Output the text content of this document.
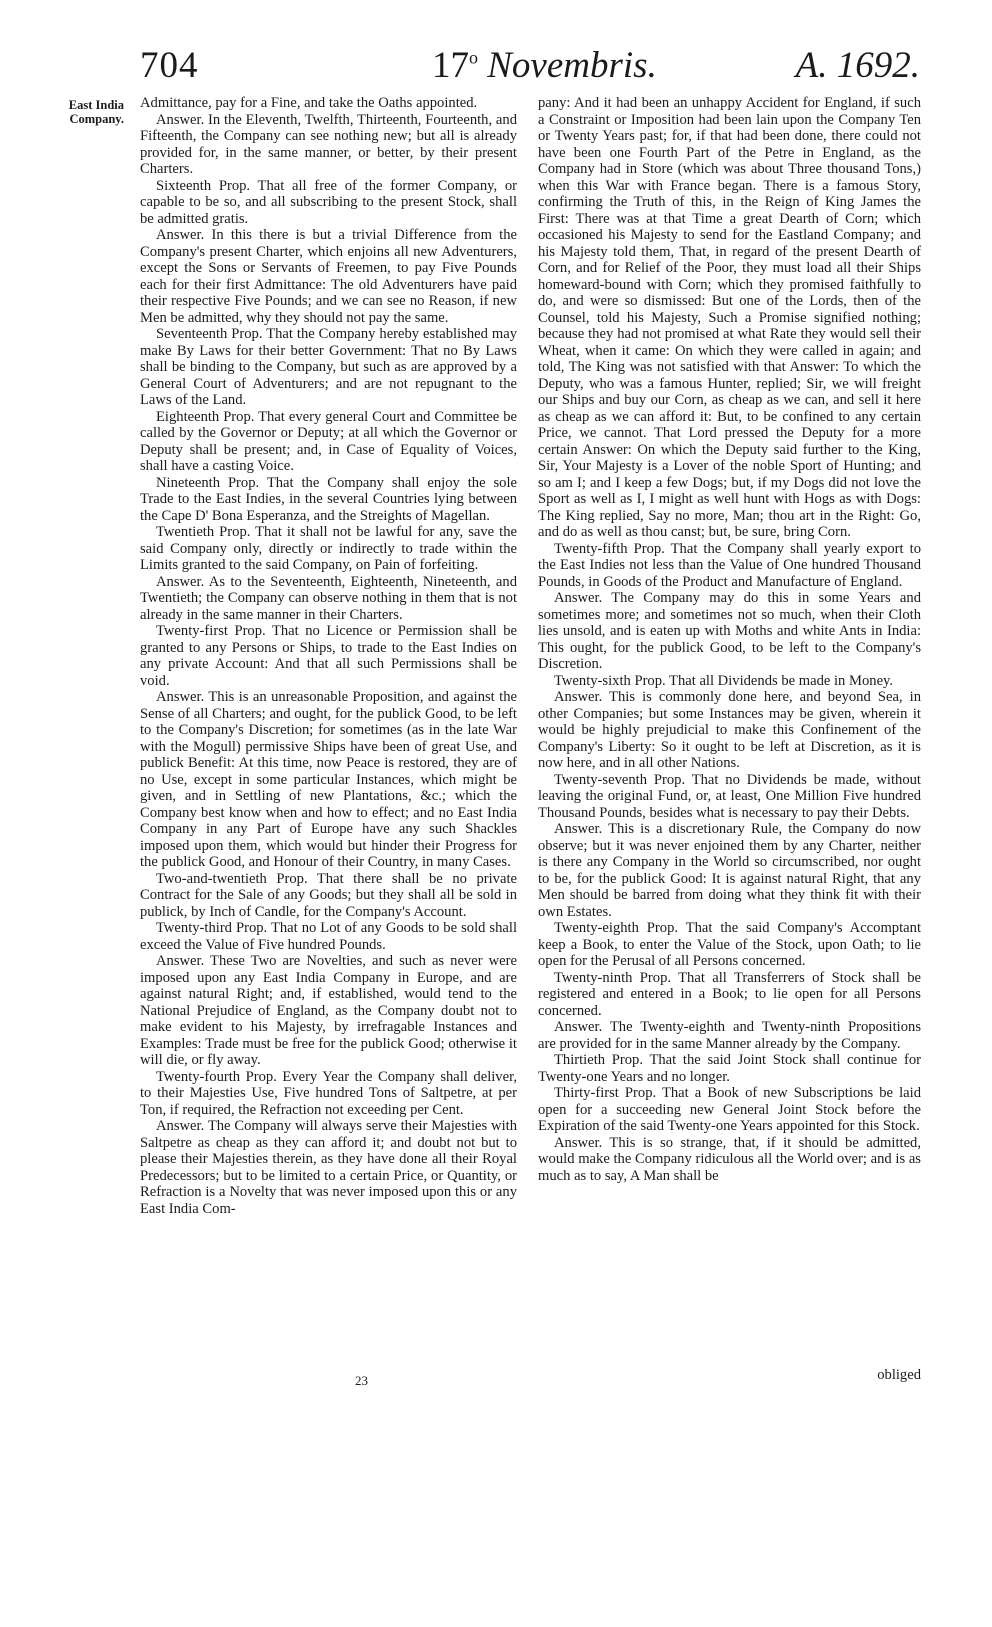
704	17$^o$ Novembris.	A. 1692.
East India
Company.

Admittance, pay for a Fine, and take the Oaths appointed.

Answer. In the Eleventh, Twelfth, Thirteenth, Fourteenth, and Fifteenth, the Company can see nothing new; but all is already provided for, in the same manner, or better, by their present Charters.

Sixteenth Prop. That all free of the former Company, or capable to be so, and all subscribing to the present Stock, shall be admitted gratis.

Answer. In this there is but a trivial Difference from the Company's present Charter, which enjoins all new Adventurers, except the Sons or Servants of Freemen, to pay Five Pounds each for their first Admittance: The old Adventurers have paid their respective Five Pounds; and we can see no Reason, if new Men be admitted, why they should not pay the same.

Seventeenth Prop. That the Company hereby established may make By Laws for their better Government: That no By Laws shall be binding to the Company, but such as are approved by a General Court of Adventurers; and are not repugnant to the Laws of the Land.

Eighteenth Prop. That every general Court and Committee be called by the Governor or Deputy; at all which the Governor or Deputy shall be present; and, in Case of Equality of Voices, shall have a casting Voice.

Nineteenth Prop. That the Company shall enjoy the sole Trade to the East Indies, in the several Countries lying between the Cape D' Bona Esperanza, and the Streights of Magellan.

Twentieth Prop. That it shall not be lawful for any, save the said Company only, directly or indirectly to trade within the Limits granted to the said Company, on Pain of forfeiting.

Answer. As to the Seventeenth, Eighteenth, Nineteenth, and Twentieth; the Company can observe nothing in them that is not already in the same manner in their Charters.

Twenty-first Prop. That no Licence or Permission shall be granted to any Persons or Ships, to trade to the East Indies on any private Account: And that all such Permissions shall be void.

Answer. This is an unreasonable Proposition, and against the Sense of all Charters; and ought, for the publick Good, to be left to the Company's Discretion; for sometimes (as in the late War with the Mogull) permissive Ships have been of great Use, and publick Benefit: At this time, now Peace is restored, they are of no Use, except in some particular Instances, which might be given, and in Settling of new Plantations, &c.; which the Company best know when and how to effect; and no East India Company in any Part of Europe have any such Shackles imposed upon them, which would but hinder their Progress for the publick Good, and Honour of their Country, in many Cases.

Two-and-twentieth Prop. That there shall be no private Contract for the Sale of any Goods; but they shall all be sold in publick, by Inch of Candle, for the Company's Account.

Twenty-third Prop. That no Lot of any Goods to be sold shall exceed the Value of Five hundred Pounds.

Answer. These Two are Novelties, and such as never were imposed upon any East India Company in Europe, and are against natural Right; and, if established, would tend to the National Prejudice of England, as the Company doubt not to make evident to his Majesty, by irrefragable Instances and Examples: Trade must be free for the publick Good; otherwise it will die, or fly away.

Twenty-fourth Prop. Every Year the Company shall deliver, to their Majesties Use, Five hundred Tons of Saltpetre, at per Ton, if required, the Refraction not exceeding per Cent.

Answer. The Company will always serve their Majesties with Saltpetre as cheap as they can afford it; and doubt not but to please their Majesties therein, as they have done all their Royal Predecessors; but to be limited to a certain Price, or Quantity, or Refraction is a Novelty that was never imposed upon this or any East India Com-

pany: And it had been an unhappy Accident for England, if such a Constraint or Imposition had been lain upon the Company Ten or Twenty Years past; for, if that had been done, there could not have been one Fourth Part of the Petre in England, as the Company had in Store (which was about Three thousand Tons,) when this War with France began. There is a famous Story, confirming the Truth of this, in the Reign of King James the First: There was at that Time a great Dearth of Corn; which occasioned his Majesty to send for the Eastland Company; and his Majesty told them, That, in regard of the present Dearth of Corn, and for Relief of the Poor, they must load all their Ships homeward-bound with Corn; which they promised faithfully to do, and were so dismissed: But one of the Lords, then of the Counsel, told his Majesty, Such a Promise signified nothing; because they had not promised at what Rate they would sell their Wheat, when it came: On which they were called in again; and told, The King was not satisfied with that Answer: To which the Deputy, who was a famous Hunter, replied; Sir, we will freight our Ships and buy our Corn, as cheap as we can, and sell it here as cheap as we can afford it: But, to be confined to any certain Price, we cannot. That Lord pressed the Deputy for a more certain Answer: On which the Deputy said further to the King, Sir, Your Majesty is a Lover of the noble Sport of Hunting; and so am I; and I keep a few Dogs; but, if my Dogs did not love the Sport as well as I, I might as well hunt with Hogs as with Dogs: The King replied, Say no more, Man; thou art in the Right: Go, and do as well as thou canst; but, be sure, bring Corn.

Twenty-fifth Prop. That the Company shall yearly export to the East Indies not less than the Value of One hundred Thousand Pounds, in Goods of the Product and Manufacture of England.

Answer. The Company may do this in some Years and sometimes more; and sometimes not so much, when their Cloth lies unsold, and is eaten up with Moths and white Ants in India: This ought, for the publick Good, to be left to the Company's Discretion.

Twenty-sixth Prop. That all Dividends be made in Money.

Answer. This is commonly done here, and beyond Sea, in other Companies; but some Instances may be given, wherein it would be highly prejudicial to make this Confinement of the Company's Liberty: So it ought to be left at Discretion, as it is now here, and in all other Nations.

Twenty-seventh Prop. That no Dividends be made, without leaving the original Fund, or, at least, One Million Five hundred Thousand Pounds, besides what is necessary to pay their Debts.

Answer. This is a discretionary Rule, the Company do now observe; but it was never enjoined them by any Charter, neither is there any Company in the World so circumscribed, nor ought to be, for the publick Good: It is against natural Right, that any Men should be barred from doing what they think fit with their own Estates.

Twenty-eighth Prop. That the said Company's Accomptant keep a Book, to enter the Value of the Stock, upon Oath; to lie open for the Perusal of all Persons concerned.

Twenty-ninth Prop. That all Transferrers of Stock shall be registered and entered in a Book; to lie open for all Persons concerned.

Answer. The Twenty-eighth and Twenty-ninth Propositions are provided for in the same Manner already by the Company.

Thirtieth Prop. That the said Joint Stock shall continue for Twenty-one Years and no longer.

Thirty-first Prop. That a Book of new Subscriptions be laid open for a succeeding new General Joint Stock before the Expiration of the said Twenty-one Years appointed for this Stock.

Answer. This is so strange, that, if it should be admitted, would make the Company ridiculous all the World over; and is as much as to say, A Man shall be

23	obliged
